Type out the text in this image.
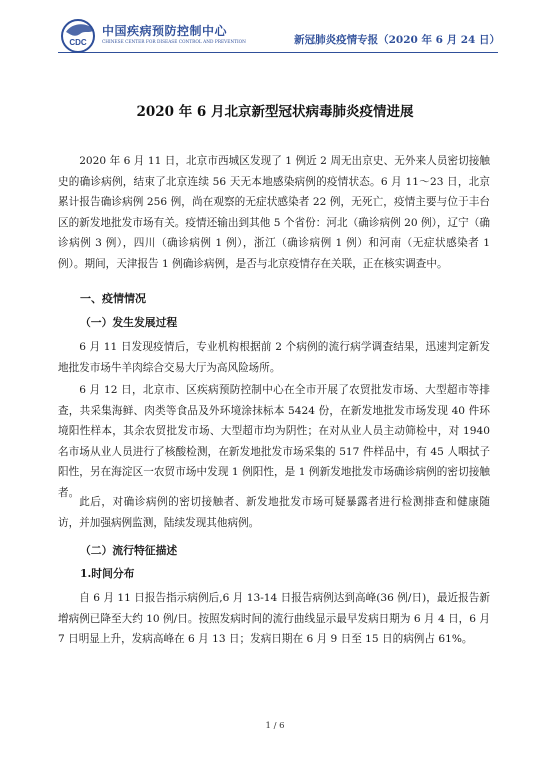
CDC
中国疾病预防控制中心
CHINESE CENTER FOR DISEASE CONTROL AND PREVENTION	新冠肺炎疫情专报（2020 年 6 月 24 日）
2020 年 6 月北京新型冠状病毒肺炎疫情进展

2020 年 6 月 11 日，北京市西城区发现了 1 例近 2 周无出京史、无外来人员密切接触史的确诊病例，结束了北京连续 56 天无本地感染病例的疫情状态。6 月 11～23 日，北京累计报告确诊病例 256 例，尚在观察的无症状感染者 22 例，无死亡，疫情主要与位于丰台区的新发地批发市场有关。疫情还输出到其他 5 个省份：河北（确诊病例 20 例），辽宁（确诊病例 3 例），四川（确诊病例 1 例），浙江（确诊病例 1 例）和河南（无症状感染者 1 例）。期间，天津报告 1 例确诊病例，是否与北京疫情存在关联，正在核实调查中。

一、疫情情况
（一）发生发展过程

6 月 11 日发现疫情后，专业机构根据前 2 个病例的流行病学调查结果，迅速判定新发地批发市场牛羊肉综合交易大厅为高风险场所。

6 月 12 日，北京市、区疾病预防控制中心在全市开展了农贸批发市场、大型超市等排查，共采集海鲜、肉类等食品及外环境涂抹标本 5424 份，在新发地批发市场发现 40 件环境阳性样本，其余农贸批发市场、大型超市均为阴性；在对从业人员主动筛检中，对 1940 名市场从业人员进行了核酸检测，在新发地批发市场采集的 517 件样品中，有 45 人咽拭子阳性，另在海淀区一农贸市场中发现 1 例阳性，是 1 例新发地批发市场确诊病例的密切接触者。

此后，对确诊病例的密切接触者、新发地批发市场可疑暴露者进行检测排查和健康随访，并加强病例监测，陆续发现其他病例。

（二）流行特征描述
1.时间分布

自 6 月 11 日报告指示病例后,6 月 13-14 日报告病例达到高峰(36 例/日)，最近报告新增病例已降至大约 10 例/日。按照发病时间的流行曲线显示最早发病日期为 6 月 4 日，6 月 7 日明显上升，发病高峰在 6 月 13 日；发病日期在 6 月 9 日至 15 日的病例占 61%。

1 / 6
